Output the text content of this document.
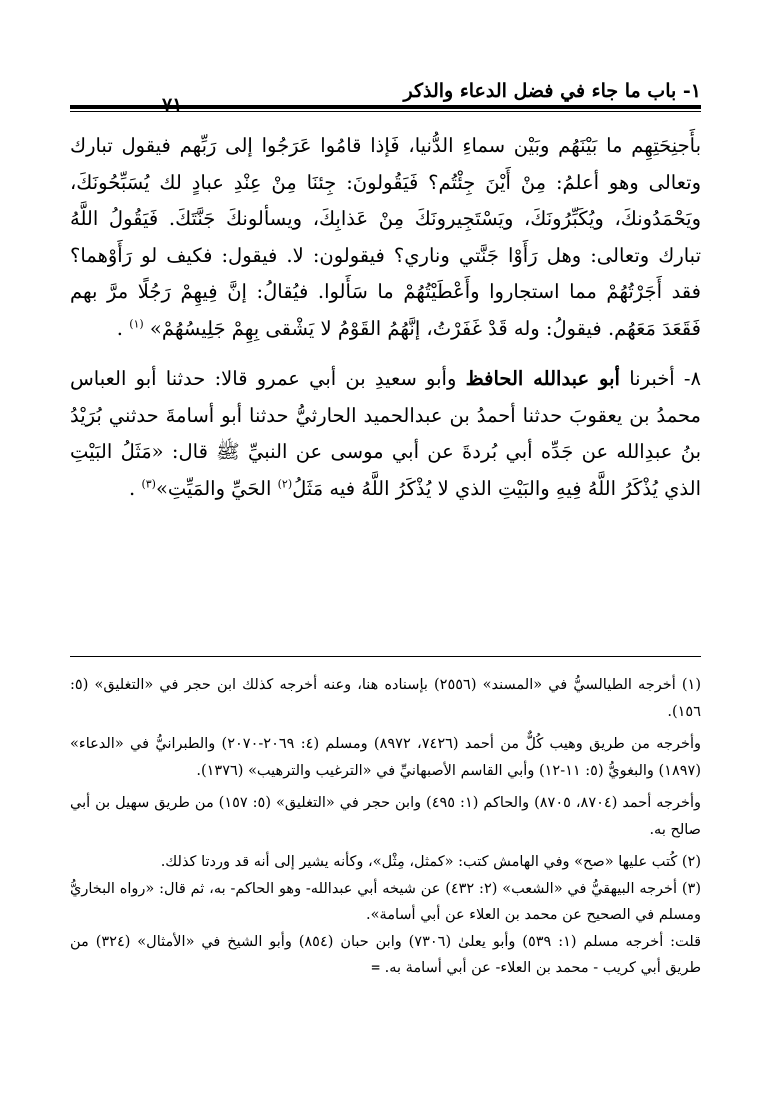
١- باب ما جاء في فضل الدعاء والذكر

بأَجنِحَتِهِم ما بَيْنَهُم وبَيْن سماءِ الدُّنيا، فَإذا قامُوا عَرَجُوا إلى رَبِّهم فيقول تبارك وتعالى وهو أعلمُ: مِنْ أَيْنَ جِئْتُم؟ فَيَقُولونَ: جِئنَا مِنْ عِنْدِ عبادٍ لك يُسَبِّحُونَكَ، ويَحْمَدُونكَ، ويُكَبِّرُونَكَ، ويَسْتَجِيرونَكَ مِنْ عَذابِكَ، ويسألونكَ جَنَّتَكَ. فَيَقُولُ اللَّهُ تبارك وتعالى: وهل رَأَوْا جَنَّتي وناري؟ فيقولون: لا. فيقول: فكيف لو رَأَوْهما؟ فقد أَجَرْتُهُمْ مما استجاروا وأَعْطَيْتُهُمْ ما سَأَلوا. فيُقالُ: إنَّ فِيهِمْ رَجُلًا مرَّ بهم فَقَعَدَ مَعَهُم. فيقولُ: وله قَدْ غَفَرْتُ، إنَّهُمُ القَوْمُ لا يَشْقى بِهِمْ جَلِيسُهُمْ» $^{(١)}$ .

٨- أخبرنا أبو عبدالله الحافظ وأبو سعيدِ بن أبي عمرو قالا: حدثنا أبو العباس محمدُ بن يعقوبَ حدثنا أحمدُ بن عبدالحميد الحارثيُّ حدثنا أبو أسامةَ حدثني بُرَيْدُ بنُ عبدِالله عن جَدِّه أبي بُردةَ عن أبي موسى عن النبيِّ ﷺ قال: «مَثَلُ البَيْتِ الذي يُذْكَرُ اللَّهُ فِيهِ والبَيْتِ الذي لا يُذْكَرُ اللَّهُ فيه مَثَلُ$^{(٢)}$ الحَيِّ والمَيِّتِ»$^{(٣)}$ .

(١) أخرجه الطيالسيُّ في «المسند» (٢٥٥٦) بإسناده هنا، وعنه أخرجه كذلك ابن حجر في «التغليق» (٥: ١٥٦).

وأخرجه من طريق وهيب كُلٌّ من أحمد (٧٤٢٦، ٨٩٧٢) ومسلم (٤: ٢٠٦٩-٢٠٧٠) والطبرانيُّ في «الدعاء» (١٨٩٧) والبغويُّ (٥: ١١-١٢) وأبي القاسم الأصبهانيِّ في «الترغيب والترهيب» (١٣٧٦).

وأخرجه أحمد (٨٧٠٤، ٨٧٠٥) والحاكم (١: ٤٩٥) وابن حجر في «التغليق» (٥: ١٥٧) من طريق سهيل بن أبي صالح به.

(٢) كُتب عليها «صح» وفي الهامش كتب: «كمثل، مِثْل»، وكأنه يشير إلى أنه قد وردتا كذلك.

(٣) أخرجه البيهقيُّ في «الشعب» (٢: ٤٣٢) عن شيخه أبي عبدالله- وهو الحاكم- به، ثم قال: «رواه البخاريُّ ومسلم في الصحيح عن محمد بن العلاء عن أبي أسامة».

قلت: أخرجه مسلم (١: ٥٣٩) وأبو يعلىٰ (٧٣٠٦) وابن حبان (٨٥٤) وأبو الشيخ في «الأمثال» (٣٢٤) من طريق أبي كريب - محمد بن العلاء- عن أبي أسامة به. =
